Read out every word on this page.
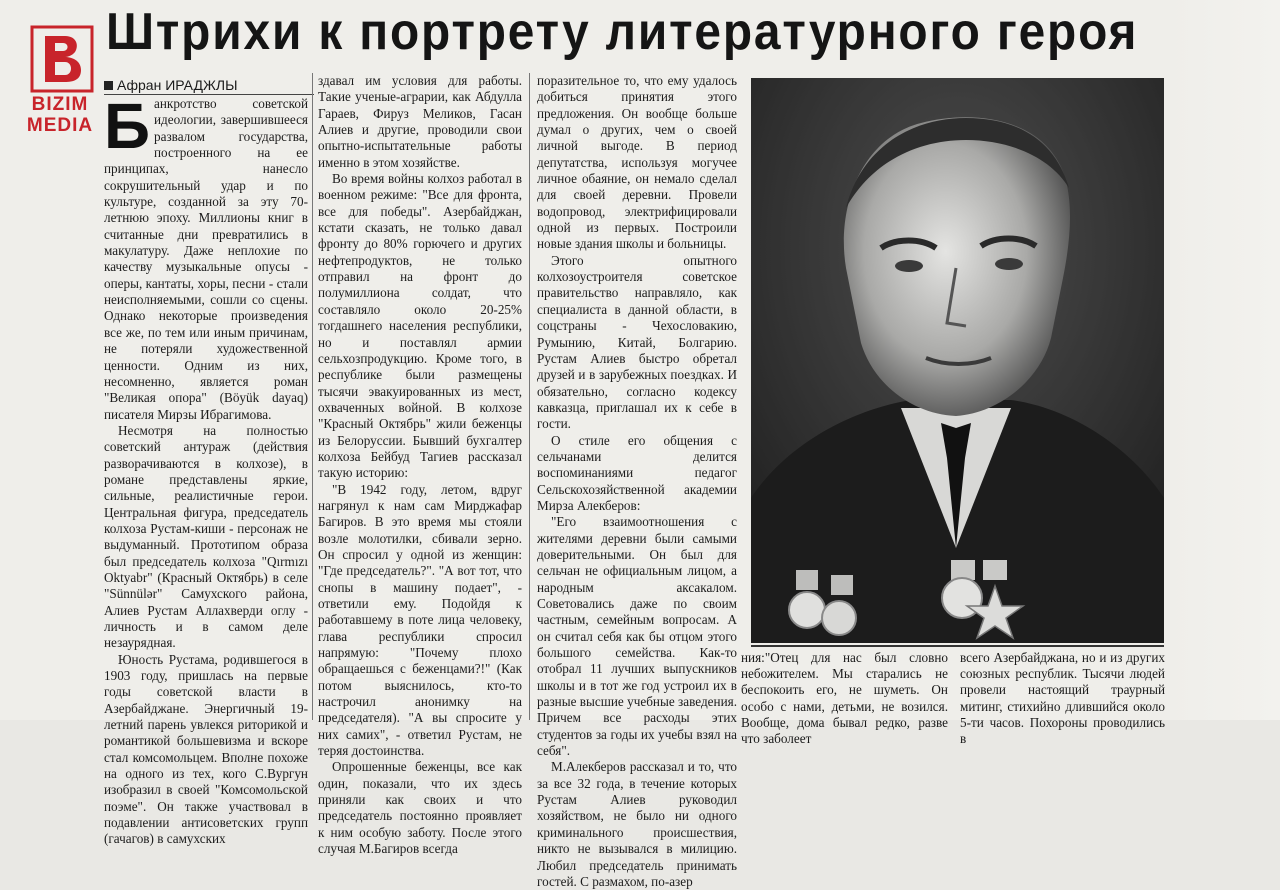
BIZIM
MEDIA
Штрихи к портрету литературного героя
Афран ИРАДЖЛЫ
Б анкротство советской идеологии, завершившееся развалом государства, построенного на ее принципах, нанесло сокрушительный удар и по культуре, созданной за эту 70-летнюю эпоху. Миллионы книг в считанные дни превратились в макулатуру. Даже неплохие по качеству музыкальные опусы - оперы, кантаты, хоры, песни - стали неисполняемыми, сошли со сцены. Однако некоторые произведения все же, по тем или иным причинам, не потеряли художественной ценности. Одним из них, несомненно, является роман "Великая опора" (Böyük dayaq) писателя Мирзы Ибрагимова.

Несмотря на полностью советский антураж (действия разворачиваются в колхозе), в романе представлены яркие, сильные, реалистичные герои. Центральная фигура, председатель колхоза Рустам-киши - персонаж не выдуманный. Прототипом образа был председатель колхоза "Qırmızı Oktyabr" (Красный Октябрь) в селе "Sünnülər" Самухского района, Алиев Рустам Аллахверди оглу - личность и в самом деле незаурядная.

Юность Рустама, родившегося в 1903 году, пришлась на первые годы советской власти в Азербайджане. Энергичный 19-летний парень увлекся риторикой и романтикой большевизма и вскоре стал комсомольцем. Вполне похоже на одного из тех, кого С.Вургун изобразил в своей "Комсомольской поэме". Он также участвовал в подавлении антисоветских групп (гачагов) в самухских

здавал им условия для работы. Такие ученые-аграрии, как Абдулла Гараев, Фируз Меликов, Гасан Алиев и другие, проводили свои опытно-испытательные работы именно в этом хозяйстве.

Во время войны колхоз работал в военном режиме: "Все для фронта, все для победы". Азербайджан, кстати сказать, не только давал фронту до 80% горючего и других нефтепродуктов, не только отправил на фронт до полумиллиона солдат, что составляло около 20-25% тогдашнего населения республики, но и поставлял армии сельхозпродукцию. Кроме того, в республике были размещены тысячи эвакуированных из мест, охваченных войной. В колхозе "Красный Октябрь" жили беженцы из Белоруссии. Бывший бухгалтер колхоза Бейбуд Тагиев рассказал такую историю:

"В 1942 году, летом, вдруг нагрянул к нам сам Мирджафар Багиров. В это время мы стояли возле молотилки, сбивали зерно. Он спросил у одной из женщин: "Где председатель?". "А вот тот, что снопы в машину подает", - ответили ему. Подойдя к работавшему в поте лица человеку, глава республики спросил напрямую: "Почему плохо обращаешься с беженцами?!" (Как потом выяснилось, кто-то настрочил анонимку на председателя). "А вы спросите у них самих", - ответил Рустам, не теряя достоинства.

Опрошенные беженцы, все как один, показали, что их здесь приняли как своих и что председатель постоянно проявляет к ним особую заботу. После этого случая М.Багиров всегда

поразительное то, что ему удалось добиться принятия этого предложения. Он вообще больше думал о других, чем о своей личной выгоде. В период депутатства, используя могучее личное обаяние, он немало сделал для своей деревни. Провели водопровод, электрифицировали одной из первых. Построили новые здания школы и больницы.

Этого опытного колхозоустроителя советское правительство направляло, как специалиста в данной области, в соцстраны - Чехословакию, Румынию, Китай, Болгарию. Рустам Алиев быстро обретал друзей и в зарубежных поездках. И обязательно, согласно кодексу кавказца, приглашал их к себе в гости.

О стиле его общения с сельчанами делится воспоминаниями педагог Сельскохозяйственной академии Мирза Алекберов:

"Его взаимоотношения с жителями деревни были самыми доверительными. Он был для сельчан не официальным лицом, а народным аксакалом. Советовались даже по своим частным, семейным вопросам. А он считал себя как бы отцом этого большого семейства. Как-то отобрал 11 лучших выпускников школы и в тот же год устроил их в разные высшие учебные заведения. Причем все расходы этих студентов за годы их учебы взял на себя".

М.Алекберов рассказал и то, что за все 32 года, в течение которых Рустам Алиев руководил хозяйством, не было ни одного криминального происшествия, никто не вызывался в милицию. Любил председатель принимать гостей. С размахом, по-азер

ния:"Отец для нас был словно небожителем. Мы старались не беспокоить его, не шуметь. Он особо с нами, детьми, не возился. Вообще, дома бывал редко, разве что заболеет

всего Азербайджана, но и из других союзных республик. Тысячи людей провели настоящий траурный митинг, стихийно длившийся около 5-ти часов. Похороны проводились в
